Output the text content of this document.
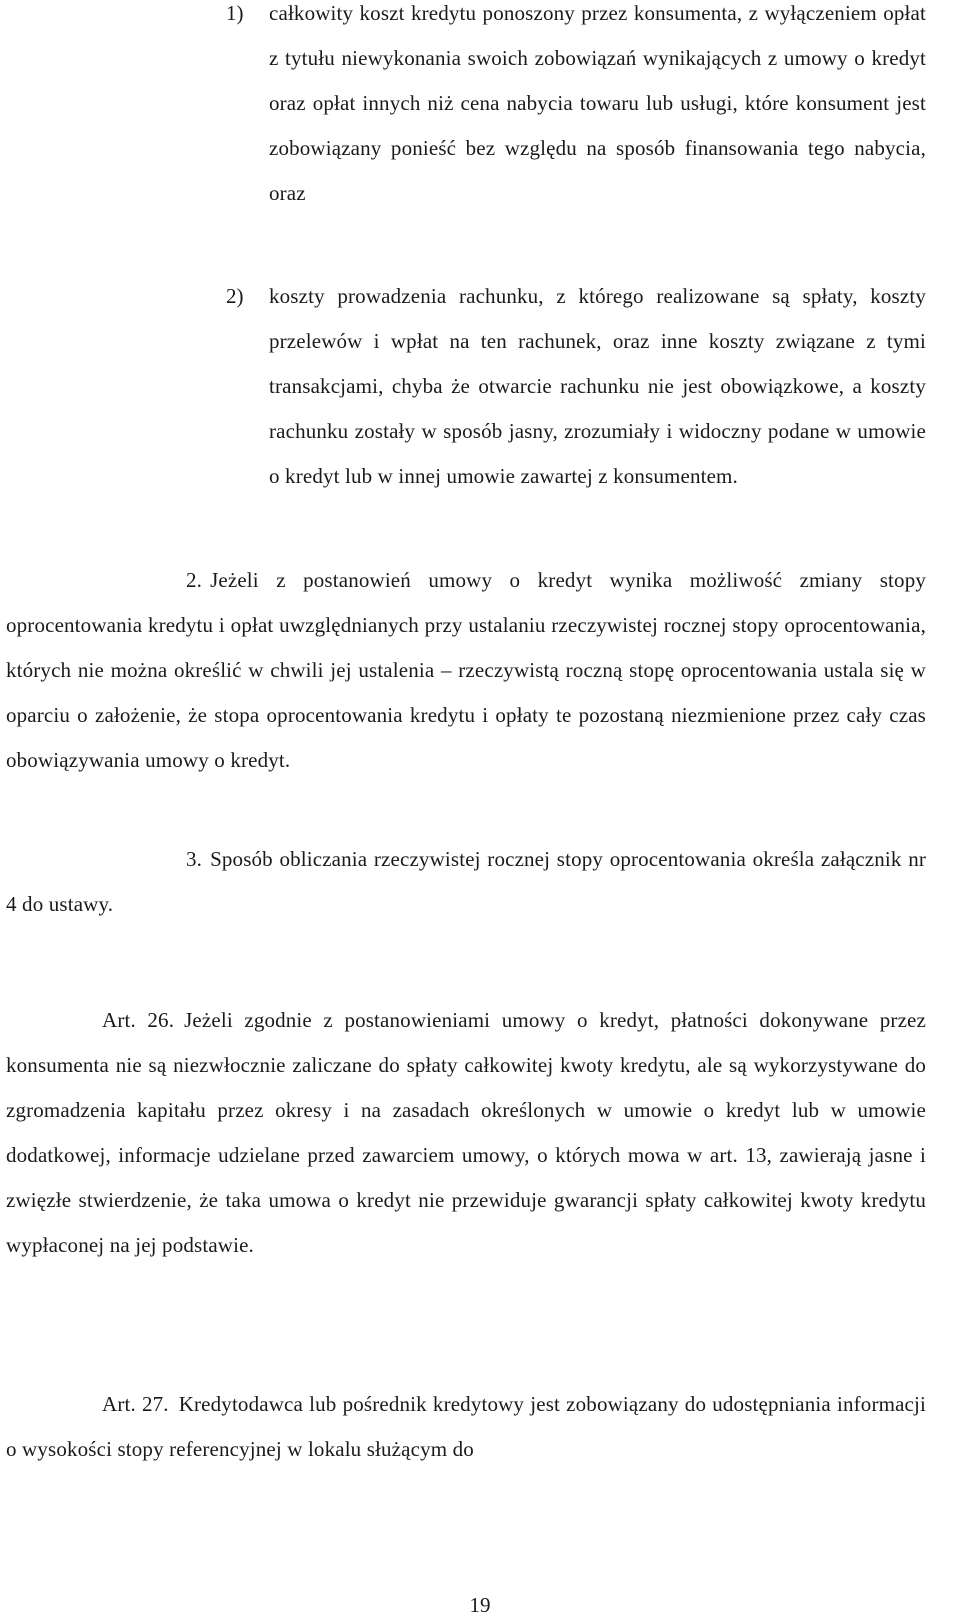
1) całkowity koszt kredytu ponoszony przez konsumenta, z wyłączeniem opłat z tytułu niewykonania swoich zobowiązań wynikających z umowy o kredyt oraz opłat innych niż cena nabycia towaru lub usługi, które konsument jest zobowiązany ponieść bez względu na sposób finansowania tego nabycia, oraz
2) koszty prowadzenia rachunku, z którego realizowane są spłaty, koszty przelewów i wpłat na ten rachunek, oraz inne koszty związane z tymi transakcjami, chyba że otwarcie rachunku nie jest obowiązkowe, a koszty rachunku zostały w sposób jasny, zrozumiały i widoczny podane w umowie o kredyt lub w innej umowie zawartej z konsumentem.
2. Jeżeli z postanowień umowy o kredyt wynika możliwość zmiany stopy oprocentowania kredytu i opłat uwzględnianych przy ustalaniu rzeczywistej rocznej stopy oprocentowania, których nie można określić w chwili jej ustalenia – rzeczywistą roczną stopę oprocentowania ustala się w oparciu o założenie, że stopa oprocentowania kredytu i opłaty te pozostaną niezmienione przez cały czas obowiązywania umowy o kredyt.
3. Sposób obliczania rzeczywistej rocznej stopy oprocentowania określa załącznik nr 4 do ustawy.
Art. 26. Jeżeli zgodnie z postanowieniami umowy o kredyt, płatności dokonywane przez konsumenta nie są niezwłocznie zaliczane do spłaty całkowitej kwoty kredytu, ale są wykorzystywane do zgromadzenia kapitału przez okresy i na zasadach określonych w umowie o kredyt lub w umowie dodatkowej, informacje udzielane przed zawarciem umowy, o których mowa w art. 13, zawierają jasne i zwięzłe stwierdzenie, że taka umowa o kredyt nie przewiduje gwarancji spłaty całkowitej kwoty kredytu wypłaconej na jej podstawie.
Art. 27. Kredytodawca lub pośrednik kredytowy jest zobowiązany do udostępniania informacji o wysokości stopy referencyjnej w lokalu służącym do
19
